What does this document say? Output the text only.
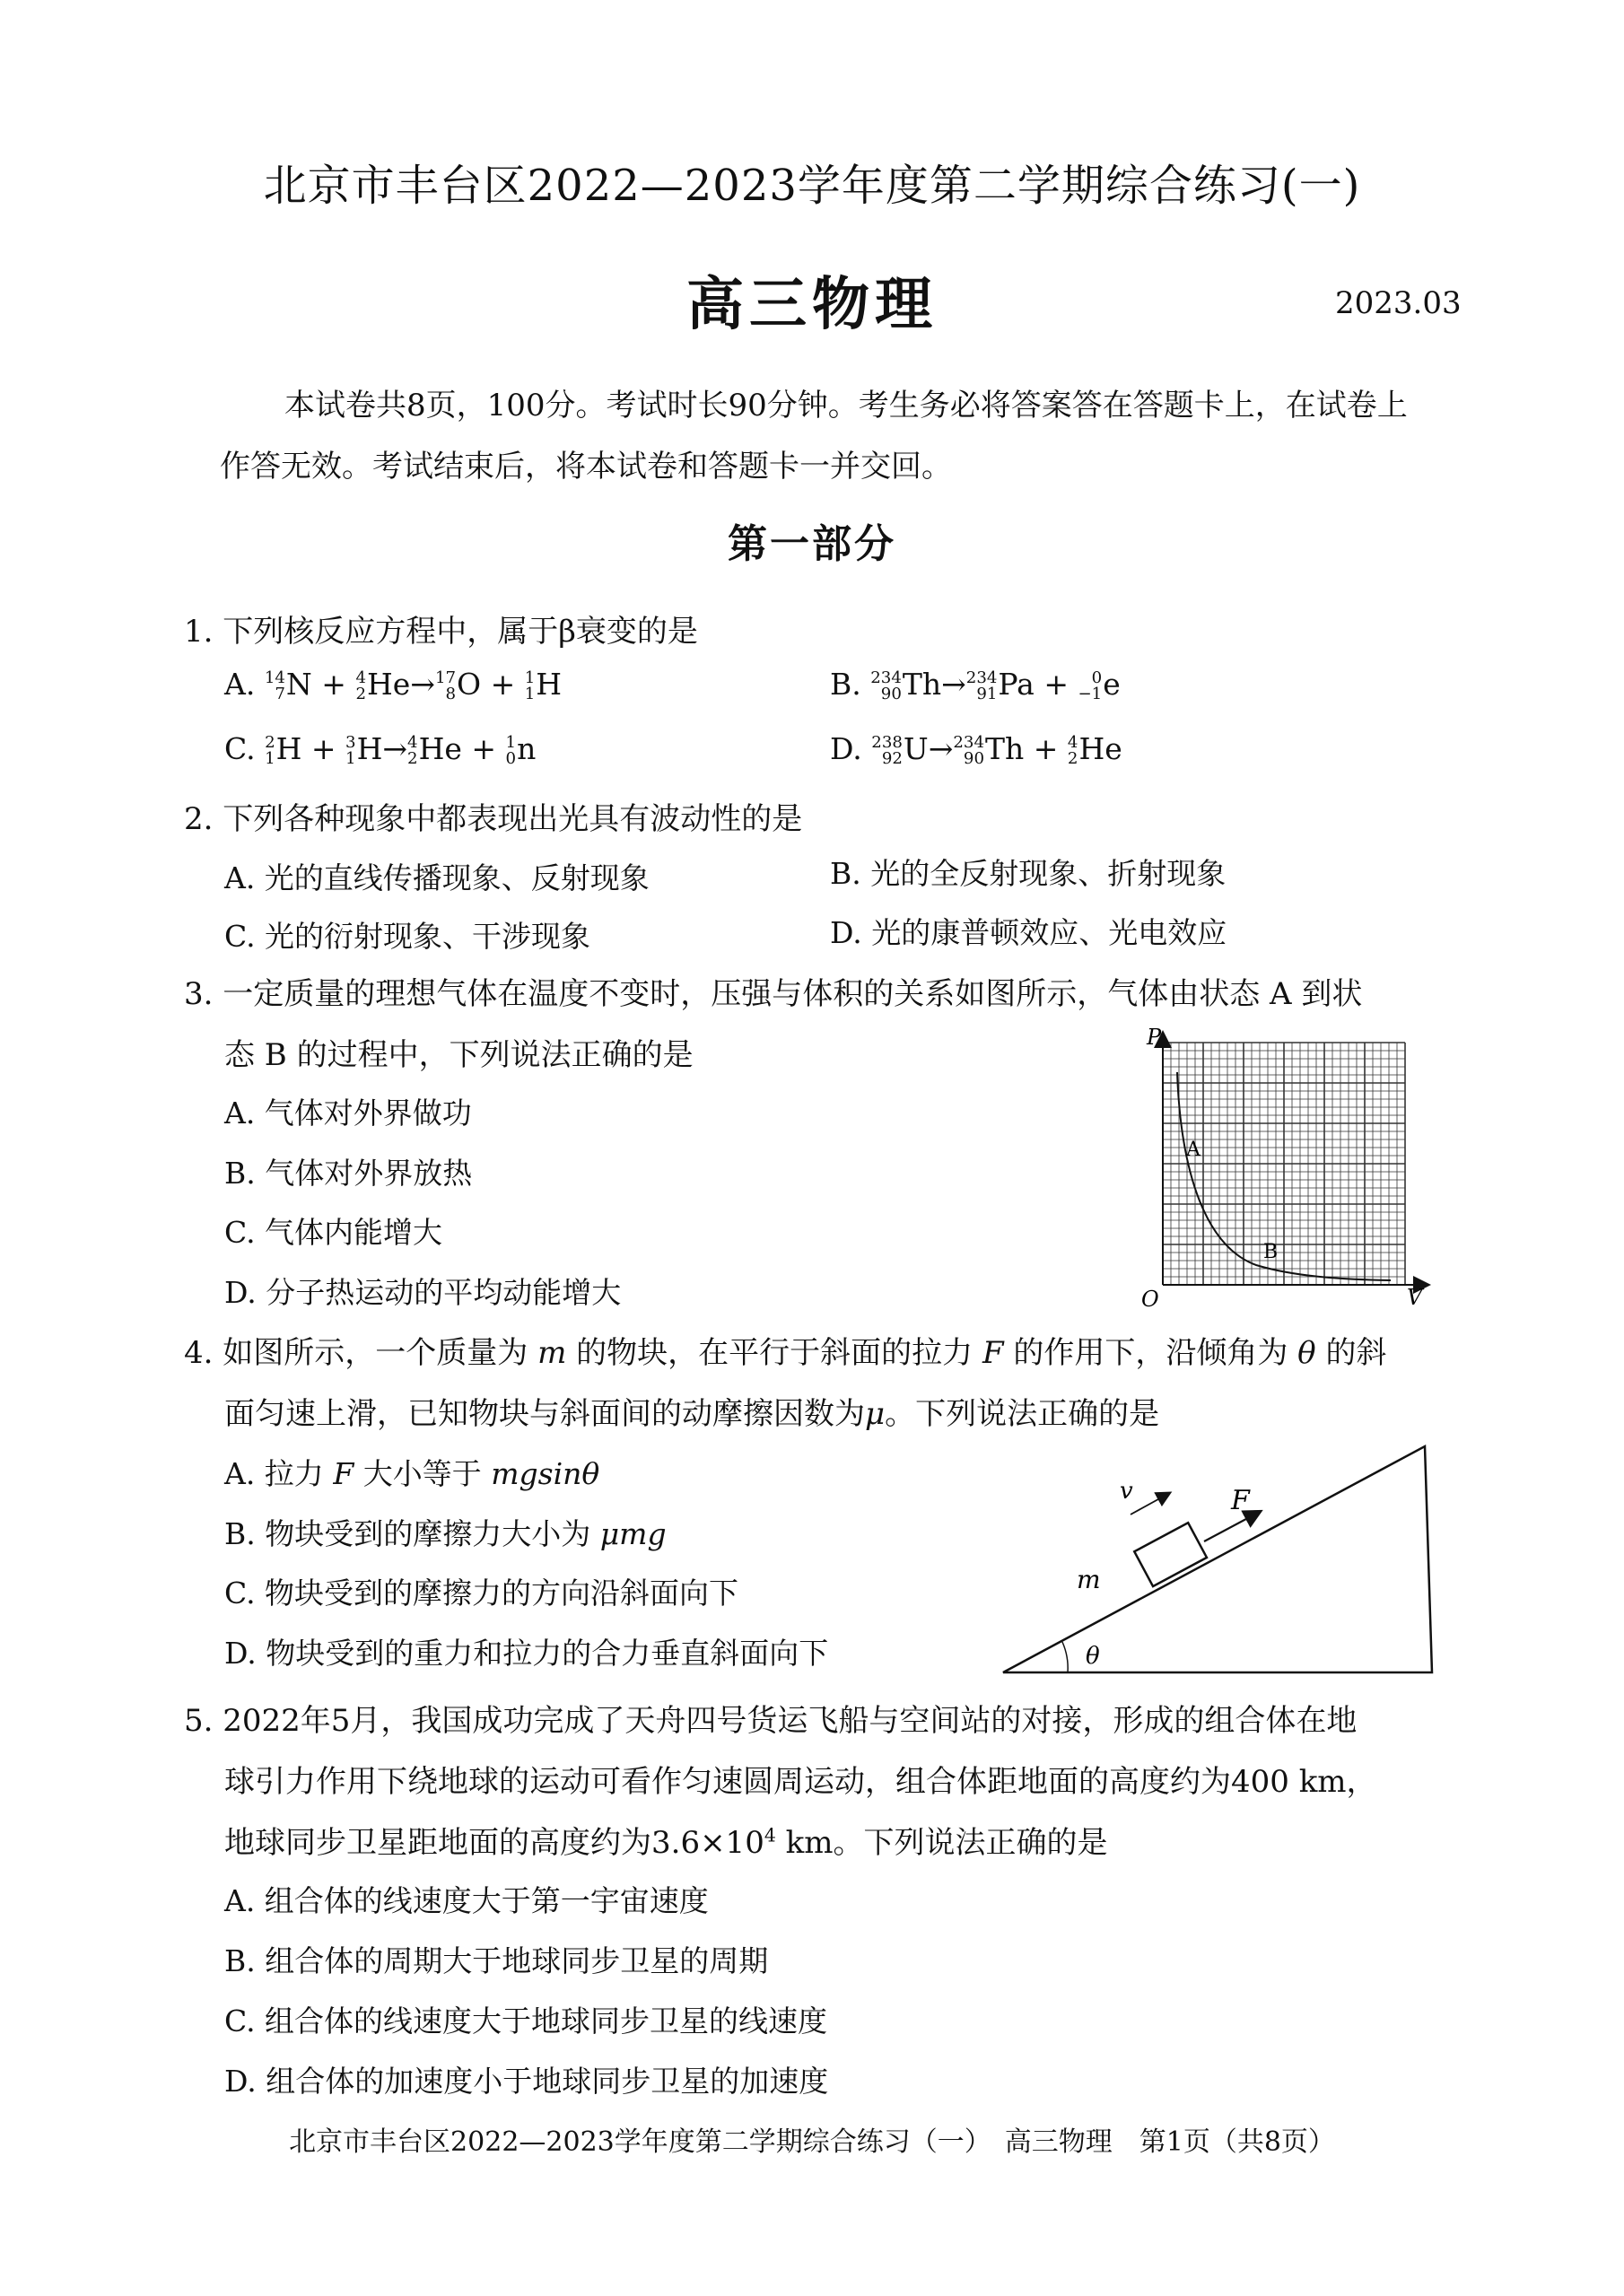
北京市丰台区2022—2023学年度第二学期综合练习(一)
高三物理	2023.03
本试卷共8页，100分。考试时长90分钟。考生务必将答案答在答题卡上，在试卷上作答无效。考试结束后，将本试卷和答题卡一并交回。
第一部分
1. 下列核反应方程中，属于β衰变的是
A. 14
7 N + 4
2 He→ 17
8 O + 1
1 H	B. 234
90 Th→ 234
91 Pa + 0
−1 e
C. 2
1 H + 3
1 H→ 4
2 He + 1
0 n	D. 238
92 U→ 234
90 Th + 4
2 He
2. 下列各种现象中都表现出光具有波动性的是
A. 光的直线传播现象、反射现象	B. 光的全反射现象、折射现象
C. 光的衍射现象、干涉现象	D. 光的康普顿效应、光电效应
3. 一定质量的理想气体在温度不变时，压强与体积的关系如图所示，气体由状态 A 到状
态 B 的过程中，下列说法正确的是
A. 气体对外界做功
B. 气体对外界放热
C. 气体内能增大
D. 分子热运动的平均动能增大
P
V
O
A
B
4. 如图所示，一个质量为 m 的物块，在平行于斜面的拉力 F 的作用下，沿倾角为 θ 的斜
面匀速上滑，已知物块与斜面间的动摩擦因数为μ。下列说法正确的是
A. 拉力 F 大小等于 mgsinθ
B. 物块受到的摩擦力大小为 μmg
C. 物块受到的摩擦力的方向沿斜面向下
D. 物块受到的重力和拉力的合力垂直斜面向下
v	F
m
θ
5. 2022年5月，我国成功完成了天舟四号货运飞船与空间站的对接，形成的组合体在地
球引力作用下绕地球的运动可看作匀速圆周运动，组合体距地面的高度约为400 km，
地球同步卫星距地面的高度约为$3.6\times 10^4$ km。下列说法正确的是
A. 组合体的线速度大于第一宇宙速度
B. 组合体的周期大于地球同步卫星的周期
C. 组合体的线速度大于地球同步卫星的线速度
D. 组合体的加速度小于地球同步卫星的加速度
北京市丰台区2022—2023学年度第二学期综合练习（一）　高三物理　第1页（共8页）
